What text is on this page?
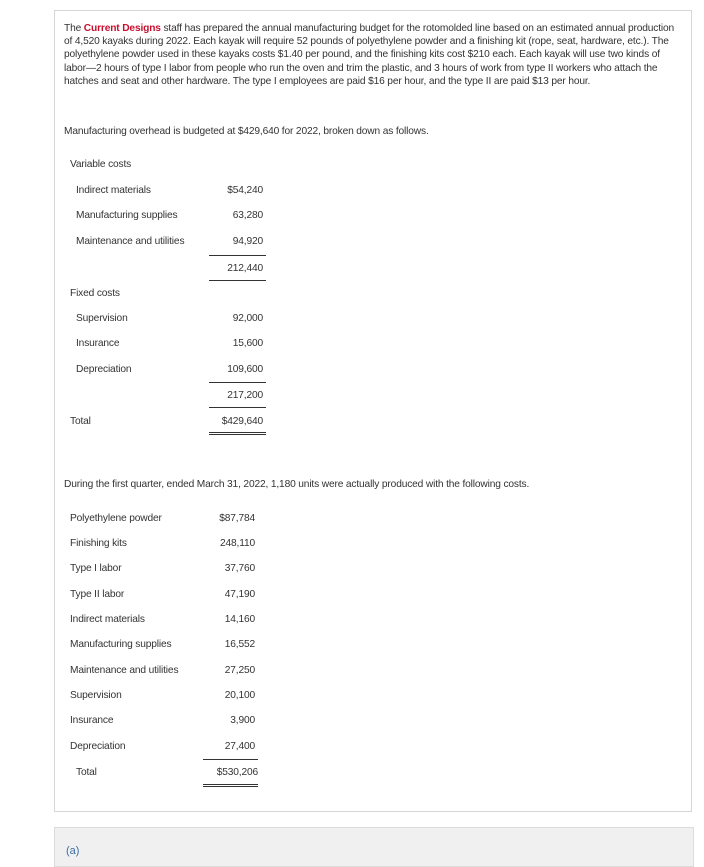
The Current Designs staff has prepared the annual manufacturing budget for the rotomolded line based on an estimated annual production of 4,520 kayaks during 2022. Each kayak will require 52 pounds of polyethylene powder and a finishing kit (rope, seat, hardware, etc.). The polyethylene powder used in these kayaks costs $1.40 per pound, and the finishing kits cost $210 each. Each kayak will use two kinds of labor—2 hours of type I labor from people who run the oven and trim the plastic, and 3 hours of work from type II workers who attach the hatches and seat and other hardware. The type I employees are paid $16 per hour, and the type II are paid $13 per hour.

Manufacturing overhead is budgeted at $429,640 for 2022, broken down as follows.

Variable costs
Indirect materials	$54,240
Manufacturing supplies	63,280
Maintenance and utilities	94,920
212,440
Fixed costs
Supervision	92,000
Insurance	15,600
Depreciation	109,600
217,200
Total	$429,640

During the first quarter, ended March 31, 2022, 1,180 units were actually produced with the following costs.

Polyethylene powder	$87,784
Finishing kits	248,110
Type I labor	37,760
Type II labor	47,190
Indirect materials	14,160
Manufacturing supplies	16,552
Maintenance and utilities	27,250
Supervision	20,100
Insurance	3,900
Depreciation	27,400
Total	$530,206
(a)
